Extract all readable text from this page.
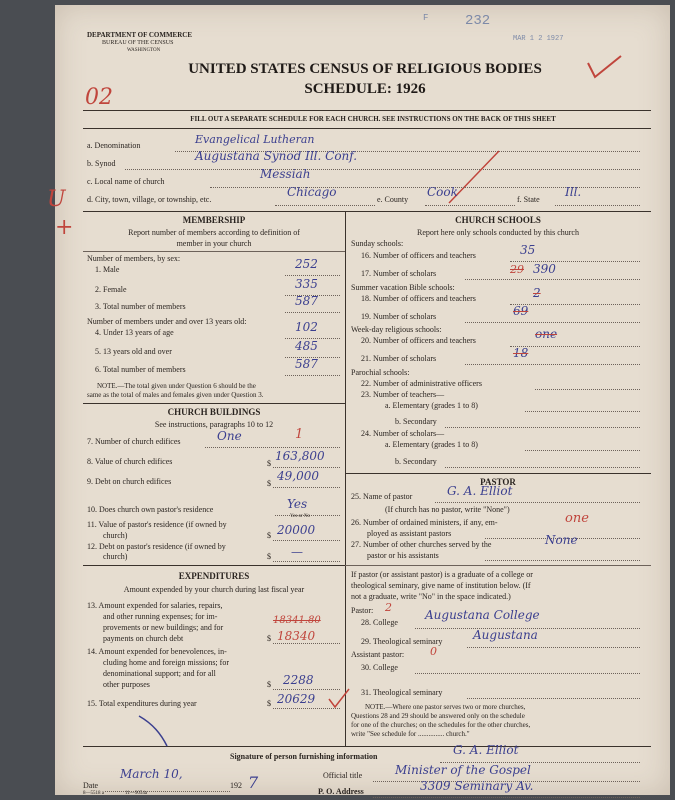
F	232
MAR 1 2 1927
DEPARTMENT OF COMMERCE
BUREAU OF THE CENSUS
WASHINGTON
UNITED STATES CENSUS OF RELIGIOUS BODIES
SCHEDULE: 1926
02
FILL OUT A SEPARATE SCHEDULE FOR EACH CHURCH. SEE INSTRUCTIONS ON THE BACK OF THIS SHEET
U
+
a. Denomination	Evangelical Lutheran
b. Synod
Augustana Synod Ill. Conf.
c. Local name of church
Messiah
d. City, town, village, or township, etc.
Chicago
e. County
Cook
f. State
Ill.
MEMBERSHIP
Report number of members according to definition of
member in your church
Number of members, by sex:
1. Male	252
2. Female	335
3. Total number of members	587
Number of members under and over 13 years old:
4. Under 13 years of age	102
5. 13 years old and over	485
6. Total number of members	587
NOTE.—The total given under Question 6 should be the
same as the total of males and females given under Question 3.
CHURCH BUILDINGS
See instructions, paragraphs 10 to 12
7. Number of church edifices	One	1
8. Value of church edifices	$
163,800
9. Debt on church edifices	$
49,000
10. Does church own pastor's residence	Yes
Yes or No
11. Value of pastor's residence (if owned by
church)	$ 20000
12. Debt on pastor's residence (if owned by
church)	$ —
EXPENDITURES
Amount expended by your church during last fiscal year
13. Amount expended for salaries, repairs,
and other running expenses; for im-
provements or new buildings; and for
payments on church debt
18341.80
$ 18340
14. Amount expended for benevolences, in-
cluding home and foreign missions; for
denominational support; and for all
other purposes	$ 2288
15. Total expenditures during year	$ 20629
CHURCH SCHOOLS
Report here only schools conducted by this church
Sunday schools:
16. Number of officers and teachers	35
17. Number of scholars	29 390
Summer vacation Bible schools:
18. Number of officers and teachers	2
19. Number of scholars	69
Week-day religious schools:
20. Number of officers and teachers	one
21. Number of scholars	18
Parochial schools:
22. Number of administrative officers
23. Number of teachers—
a. Elementary (grades 1 to 8)
b. Secondary
24. Number of scholars—
a. Elementary (grades 1 to 8)
b. Secondary
PASTOR
25. Name of pastor	G. A. Elliot
(If church has no pastor, write "None")
26. Number of ordained ministers, if any, em-
ployed as assistant pastors
one
27. Number of other churches served by the
pastor or his assistants
None
If pastor (or assistant pastor) is a graduate of a college or
theological seminary, give name of institution below. (If
not a graduate, write "No" in the space indicated.)
Pastor: 2
28. College
Augustana College
29. Theological seminary	Augustana
Assistant pastor: 0
30. College
31. Theological seminary
NOTE.—Where one pastor serves two or more churches,
Questions 28 and 29 should be answered only on the schedule
for one of the churches; on the schedules for the other churches,
write "See schedule for ............... church."
Signature of person furnishing information	G. A. Elliot
Date
March 10,
192 7
8—5518 a	11—9054a
Official title	Minister of the Gospel
P. O. Address	3309 Seminary Av.
